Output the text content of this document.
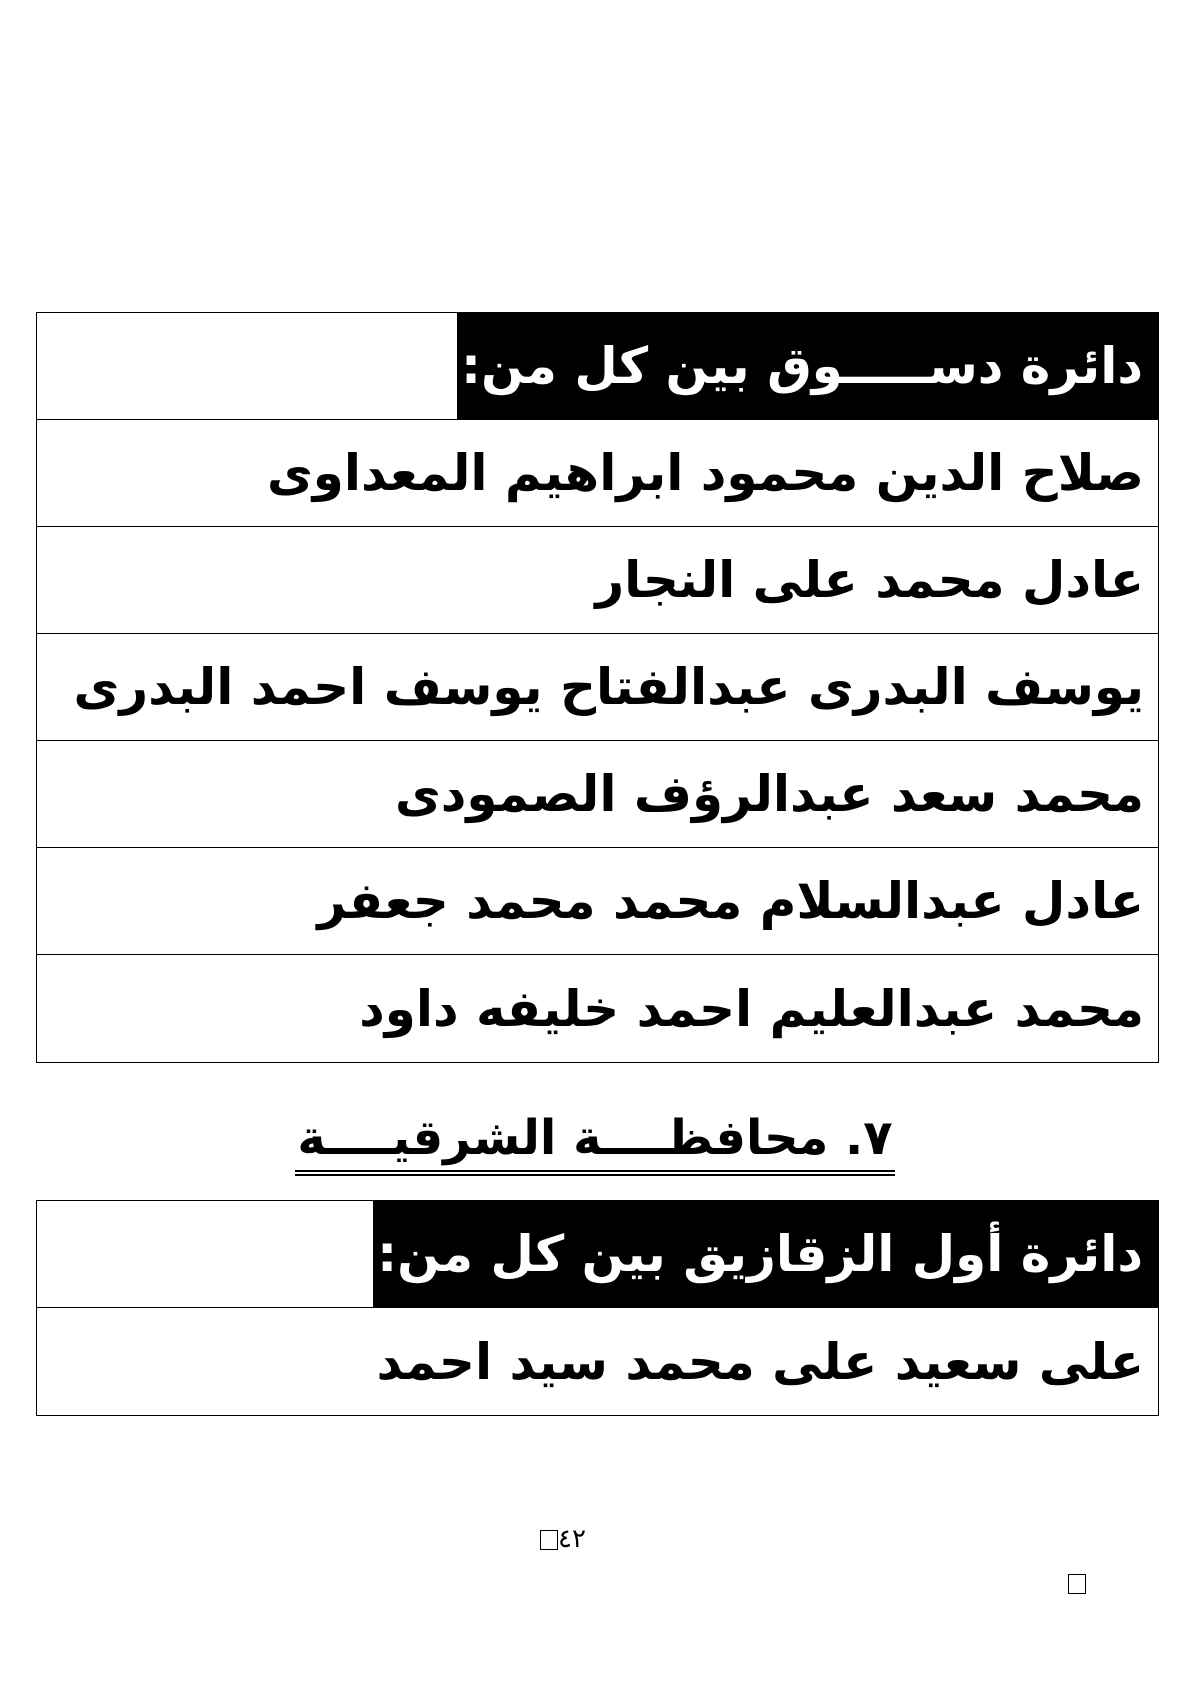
دائرة دســـــوق بين كل من:
صلاح الدين محمود ابراهيم المعداوى
عادل محمد على النجار
يوسف البدرى عبدالفتاح يوسف احمد البدرى
محمد سعد عبدالرؤف الصمودى
عادل عبدالسلام محمد محمد جعفر
محمد عبدالعليم احمد خليفه داود
٧. محافظــــة الشرقيــــة
دائرة أول الزقازيق بين كل من:
على سعيد على محمد سيد احمد
٤٢
